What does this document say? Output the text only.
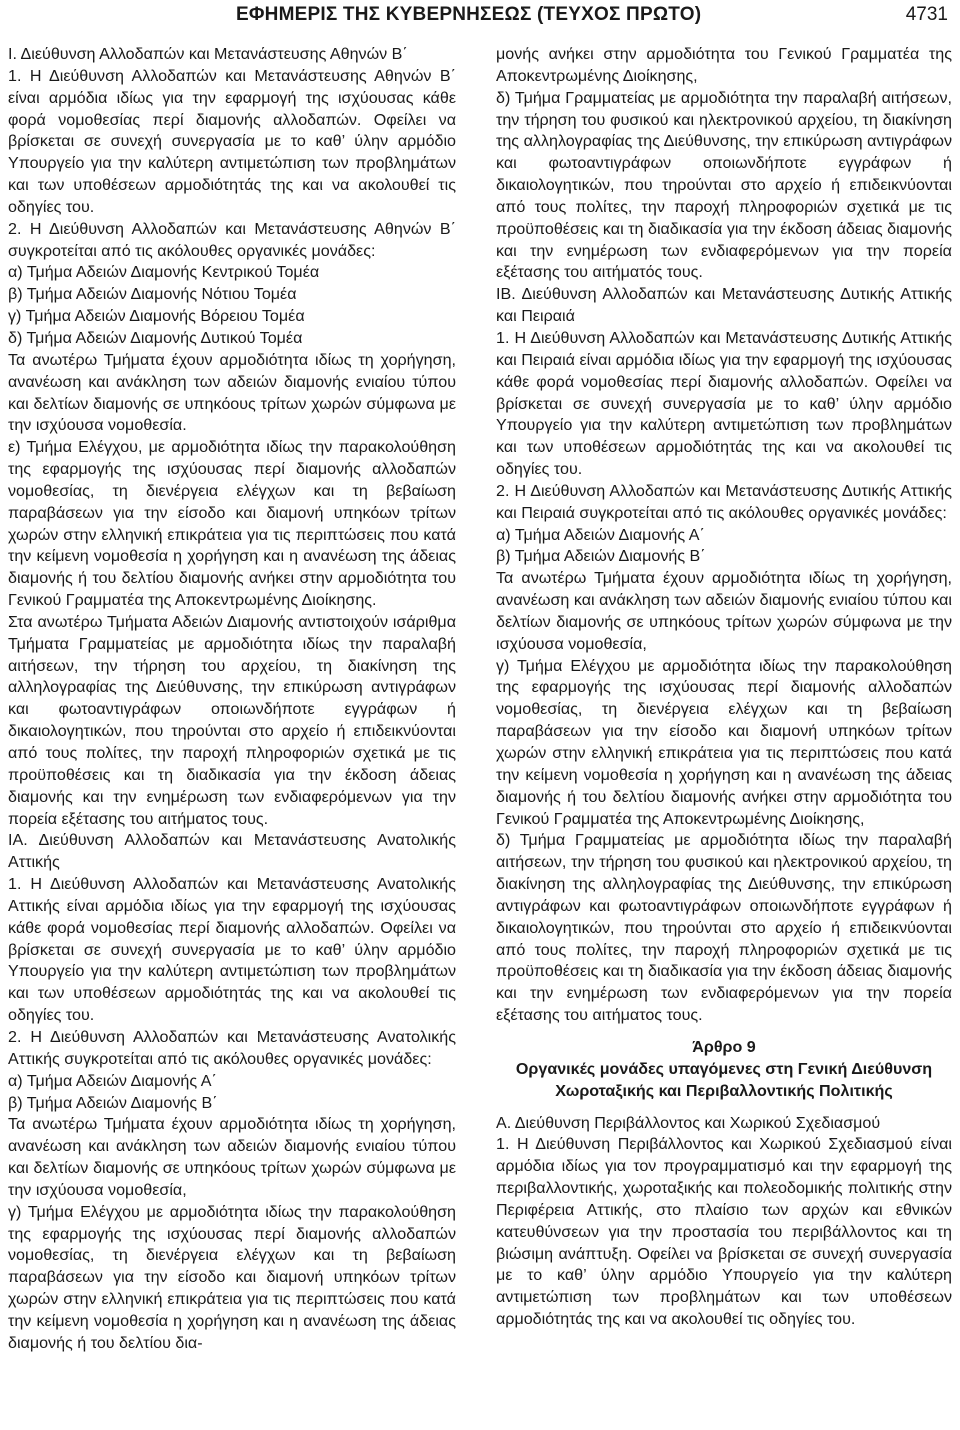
ΕΦΗΜΕΡΙΣ ΤΗΣ ΚΥΒΕΡΝΗΣΕΩΣ (ΤΕΥΧΟΣ ΠΡΩΤΟ)	4731

Ι. Διεύθυνση Αλλοδαπών και Μετανάστευσης Αθηνών Β΄

1. Η Διεύθυνση Αλλοδαπών και Μετανάστευσης Αθηνών Β΄ είναι αρμόδια ιδίως για την εφαρμογή της ισχύουσας κάθε φορά νομοθεσίας περί διαμονής αλλοδαπών. Οφείλει να βρίσκεται σε συνεχή συνεργασία με το καθ’ ύλην αρμόδιο Υπουργείο για την καλύτερη αντιμετώπιση των προβλημάτων και των υποθέσεων αρμοδιότητάς της και να ακολουθεί τις οδηγίες του.

2. Η Διεύθυνση Αλλοδαπών και Μετανάστευσης Αθηνών Β΄ συγκροτείται από τις ακόλουθες οργανικές μονάδες:

α) Τμήμα Αδειών Διαμονής Κεντρικού Τομέα

β) Τμήμα Αδειών Διαμονής Νότιου Τομέα

γ) Τμήμα Αδειών Διαμονής Βόρειου Τομέα

δ) Τμήμα Αδειών Διαμονής Δυτικού Τομέα

Τα ανωτέρω Τμήματα έχουν αρμοδιότητα ιδίως τη χορήγηση, ανανέωση και ανάκληση των αδειών διαμονής ενιαίου τύπου και δελτίων διαμονής σε υπηκόους τρίτων χωρών σύμφωνα με την ισχύουσα νομοθεσία.

ε) Τμήμα Ελέγχου, με αρμοδιότητα ιδίως την παρακολούθηση της εφαρμογής της ισχύουσας περί διαμονής αλλοδαπών νομοθεσίας, τη διενέργεια ελέγχων και τη βεβαίωση παραβάσεων για την είσοδο και διαμονή υπηκόων τρίτων χωρών στην ελληνική επικράτεια για τις περιπτώσεις που κατά την κείμενη νομοθεσία η χορήγηση και η ανανέωση της άδειας διαμονής ή του δελτίου διαμονής ανήκει στην αρμοδιότητα του Γενικού Γραμματέα της Αποκεντρωμένης Διοίκησης.

Στα ανωτέρω Τμήματα Αδειών Διαμονής αντιστοιχούν ισάριθμα Τμήματα Γραμματείας με αρμοδιότητα ιδίως την παραλαβή αιτήσεων, την τήρηση του αρχείου, τη διακίνηση της αλληλογραφίας της Διεύθυνσης, την επικύρωση αντιγράφων και φωτοαντιγράφων οποιωνδήποτε εγγράφων ή δικαιολογητικών, που τηρούνται στο αρχείο ή επιδεικνύονται από τους πολίτες, την παροχή πληροφοριών σχετικά με τις προϋποθέσεις και τη διαδικασία για την έκδοση άδειας διαμονής και την ενημέρωση των ενδιαφερόμενων για την πορεία εξέτασης του αιτήματος τους.

ΙΑ. Διεύθυνση Αλλοδαπών και Μετανάστευσης Ανατολικής Αττικής

1. Η Διεύθυνση Αλλοδαπών και Μετανάστευσης Ανατολικής Αττικής είναι αρμόδια ιδίως για την εφαρμογή της ισχύουσας κάθε φορά νομοθεσίας περί διαμονής αλλοδαπών. Οφείλει να βρίσκεται σε συνεχή συνεργασία με το καθ’ ύλην αρμόδιο Υπουργείο για την καλύτερη αντιμετώπιση των προβλημάτων και των υποθέσεων αρμοδιότητάς της και να ακολουθεί τις οδηγίες του.

2. Η Διεύθυνση Αλλοδαπών και Μετανάστευσης Ανατολικής Αττικής συγκροτείται από τις ακόλουθες οργανικές μονάδες:

α) Τμήμα Αδειών Διαμονής Α΄

β) Τμήμα Αδειών Διαμονής Β΄

Τα ανωτέρω Τμήματα έχουν αρμοδιότητα ιδίως τη χορήγηση, ανανέωση και ανάκληση των αδειών διαμονής ενιαίου τύπου και δελτίων διαμονής σε υπηκόους τρίτων χωρών σύμφωνα με την ισχύουσα νομοθεσία,

γ) Τμήμα Ελέγχου με αρμοδιότητα ιδίως την παρακολούθηση της εφαρμογής της ισχύουσας περί διαμονής αλλοδαπών νομοθεσίας, τη διενέργεια ελέγχων και τη βεβαίωση παραβάσεων για την είσοδο και διαμονή υπηκόων τρίτων χωρών στην ελληνική επικράτεια για τις περιπτώσεις που κατά την κείμενη νομοθεσία η χορήγηση και η ανανέωση της άδειας διαμονής ή του δελτίου δια-

μονής ανήκει στην αρμοδιότητα του Γενικού Γραμματέα της Αποκεντρωμένης Διοίκησης,

δ) Τμήμα Γραμματείας με αρμοδιότητα την παραλαβή αιτήσεων, την τήρηση του φυσικού και ηλεκτρονικού αρχείου, τη διακίνηση της αλληλογραφίας της Διεύθυνσης, την επικύρωση αντιγράφων και φωτοαντιγράφων οποιωνδήποτε εγγράφων ή δικαιολογητικών, που τηρούνται στο αρχείο ή επιδεικνύονται από τους πολίτες, την παροχή πληροφοριών σχετικά με τις προϋποθέσεις και τη διαδικασία για την έκδοση άδειας διαμονής και την ενημέρωση των ενδιαφερόμενων για την πορεία εξέτασης του αιτήματός τους.

ΙΒ. Διεύθυνση Αλλοδαπών και Μετανάστευσης Δυτικής Αττικής και Πειραιά

1. Η Διεύθυνση Αλλοδαπών και Μετανάστευσης Δυτικής Αττικής και Πειραιά είναι αρμόδια ιδίως για την εφαρμογή της ισχύουσας κάθε φορά νομοθεσίας περί διαμονής αλλοδαπών. Οφείλει να βρίσκεται σε συνεχή συνεργασία με το καθ’ ύλην αρμόδιο Υπουργείο για την καλύτερη αντιμετώπιση των προβλημάτων και των υποθέσεων αρμοδιότητάς της και να ακολουθεί τις οδηγίες του.

2. Η Διεύθυνση Αλλοδαπών και Μετανάστευσης Δυτικής Αττικής και Πειραιά συγκροτείται από τις ακόλουθες οργανικές μονάδες:

α) Τμήμα Αδειών Διαμονής Α΄

β) Τμήμα Αδειών Διαμονής Β΄

Τα ανωτέρω Τμήματα έχουν αρμοδιότητα ιδίως τη χορήγηση, ανανέωση και ανάκληση των αδειών διαμονής ενιαίου τύπου και δελτίων διαμονής σε υπηκόους τρίτων χωρών σύμφωνα με την ισχύουσα νομοθεσία,

γ) Τμήμα Ελέγχου με αρμοδιότητα ιδίως την παρακολούθηση της εφαρμογής της ισχύουσας περί διαμονής αλλοδαπών νομοθεσίας, τη διενέργεια ελέγχων και τη βεβαίωση παραβάσεων για την είσοδο και διαμονή υπηκόων τρίτων χωρών στην ελληνική επικράτεια για τις περιπτώσεις που κατά την κείμενη νομοθεσία η χορήγηση και η ανανέωση της άδειας διαμονής ή του δελτίου διαμονής ανήκει στην αρμοδιότητα του Γενικού Γραμματέα της Αποκεντρωμένης Διοίκησης,

δ) Τμήμα Γραμματείας με αρμοδιότητα ιδίως την παραλαβή αιτήσεων, την τήρηση του φυσικού και ηλεκτρονικού αρχείου, τη διακίνηση της αλληλογραφίας της Διεύθυνσης, την επικύρωση αντιγράφων και φωτοαντιγράφων οποιωνδήποτε εγγράφων ή δικαιολογητικών, που τηρούνται στο αρχείο ή επιδεικνύονται από τους πολίτες, την παροχή πληροφοριών σχετικά με τις προϋποθέσεις και τη διαδικασία για την έκδοση άδειας διαμονής και την ενημέρωση των ενδιαφερόμενων για την πορεία εξέτασης του αιτήματος τους.

Άρθρο 9

Οργανικές μονάδες υπαγόμενες στη Γενική Διεύθυνση Χωροταξικής και Περιβαλλοντικής Πολιτικής

Α. Διεύθυνση Περιβάλλοντος και Χωρικού Σχεδιασμού

1. Η Διεύθυνση Περιβάλλοντος και Χωρικού Σχεδιασμού είναι αρμόδια ιδίως για τον προγραμματισμό και την εφαρμογή της περιβαλλοντικής, χωροταξικής και πολεοδομικής πολιτικής στην Περιφέρεια Αττικής, στο πλαίσιο των αρχών και εθνικών κατευθύνσεων για την προστασία του περιβάλλοντος και τη βιώσιμη ανάπτυξη. Οφείλει να βρίσκεται σε συνεχή συνεργασία με το καθ’ ύλην αρμόδιο Υπουργείο για την καλύτερη αντιμετώπιση των προβλημάτων και των υποθέσεων αρμοδιότητάς της και να ακολουθεί τις οδηγίες του.
